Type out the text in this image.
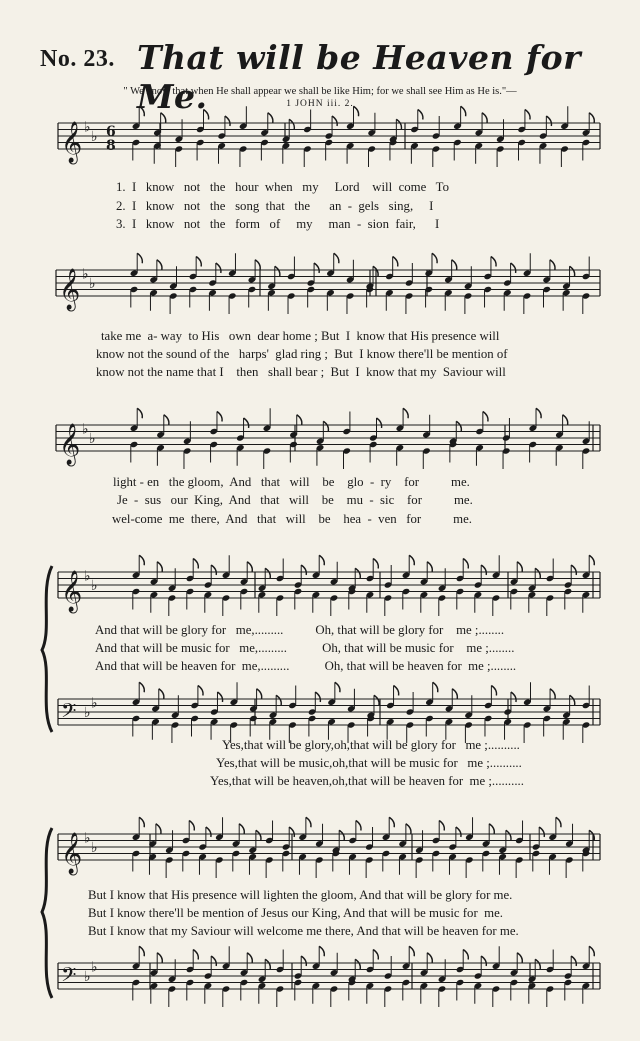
No. 23. That will be Heaven for Me.
" We know that when He shall appear we shall be like Him; for we shall see Him as He is."—
1 JOHN iii. 2.
𝄞 ♭
♭ 6
8
1.  I   know   not   the   hour  when   my     Lord    will  come   To
2.  I   know   not   the   song  that   the      an  -  gels   sing,     I
3.  I   know   not   the   form   of     my     man  -  sion  fair,      I
𝄞 ♭
♭
take me  a- way  to His   own  dear home ; But  I  know that His presence will
know not the sound of the   harps'  glad ring ;  But  I know there'll be mention of
know not the name that I    then   shall bear ;  But  I  know that my  Saviour will
𝄞 ♭
♭
light - en   the gloom,  And   that   will    be    glo  -  ry    for          me.
Je  -  sus   our  King,  And   that   will    be    mu  -  sic    for          me.
wel-come  me  there,  And   that   will    be    hea  -  ven   for          me.
𝄞 ♭
♭
And that will be glory for   me,.........          Oh, that will be glory for    me ;........
And that will be music for   me,.........           Oh, that will be music for    me ;........
And that will be heaven for  me,.........           Oh, that will be heaven for  me ;........
𝄢 ♭
♭
Yes,that will be glory,oh,that will be glory for   me ;..........
Yes,that will be music,oh,that will be music for   me ;..........
Yes,that will be heaven,oh,that will be heaven for  me ;..........
𝄞 ♭
♭
But I know that His presence will lighten the gloom, And that will be glory for me.
But I know there'll be mention of Jesus our King, And that will be music for  me.
But I know that my Saviour will welcome me there, And that will be heaven for me.
𝄢 ♭
♭
